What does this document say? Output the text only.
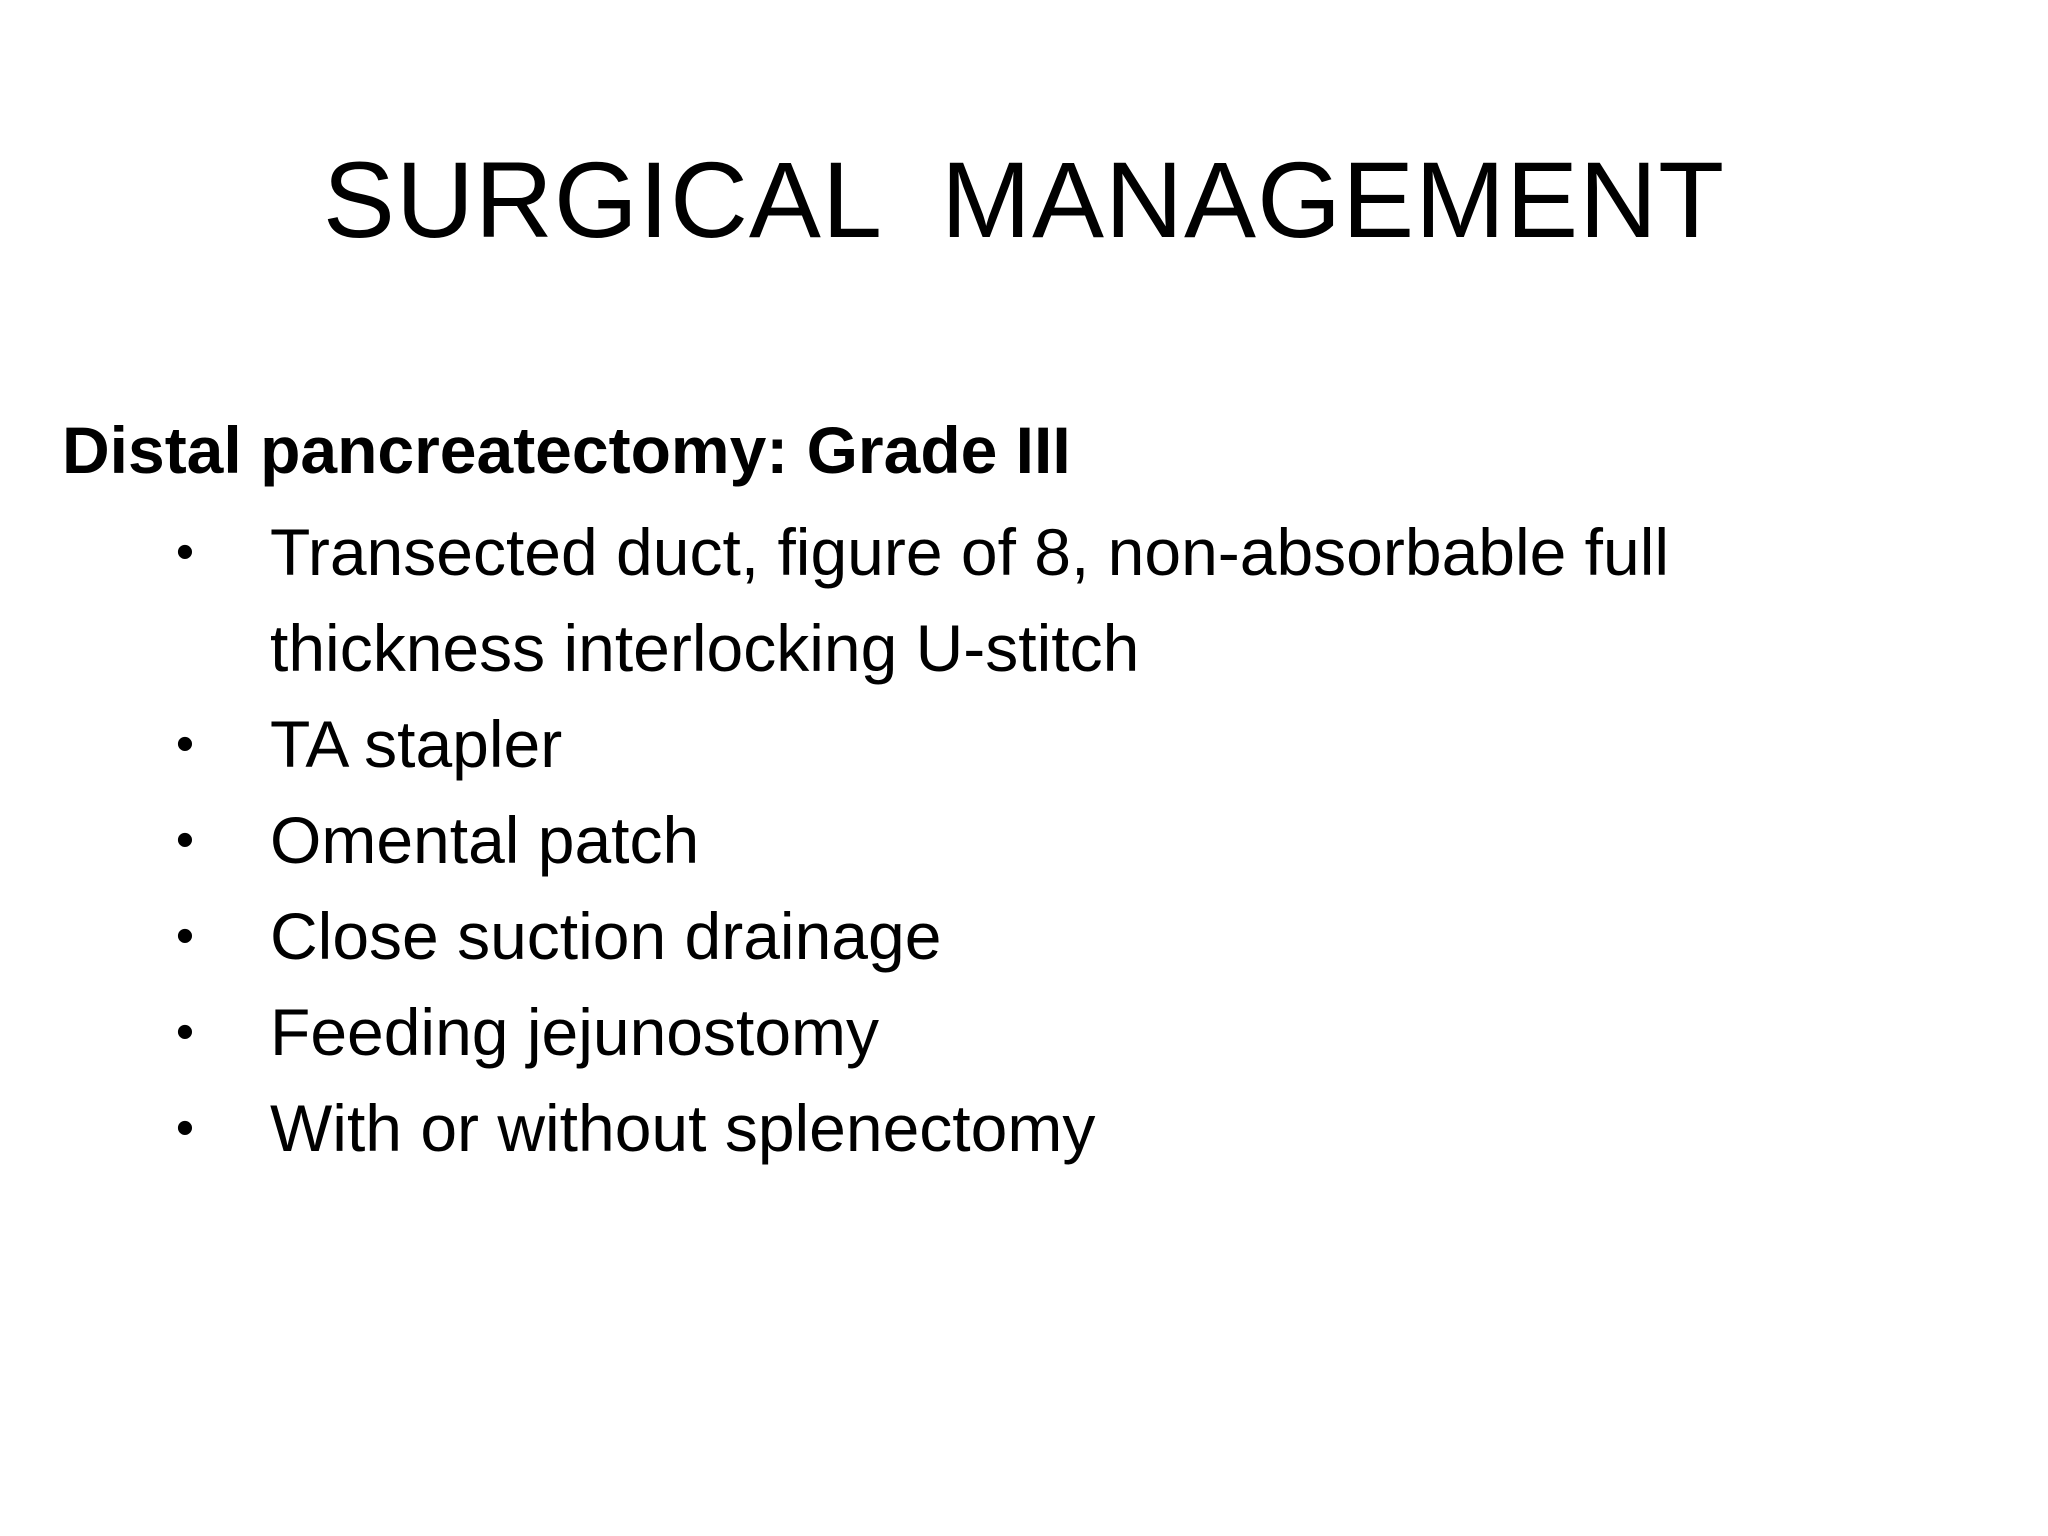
SURGICAL  MANAGEMENT
Distal pancreatectomy: Grade III
• Transected duct, figure of 8, non-absorbable full thickness interlocking U-stitch
• TA stapler
• Omental patch
• Close suction drainage
• Feeding jejunostomy
• With or without splenectomy
